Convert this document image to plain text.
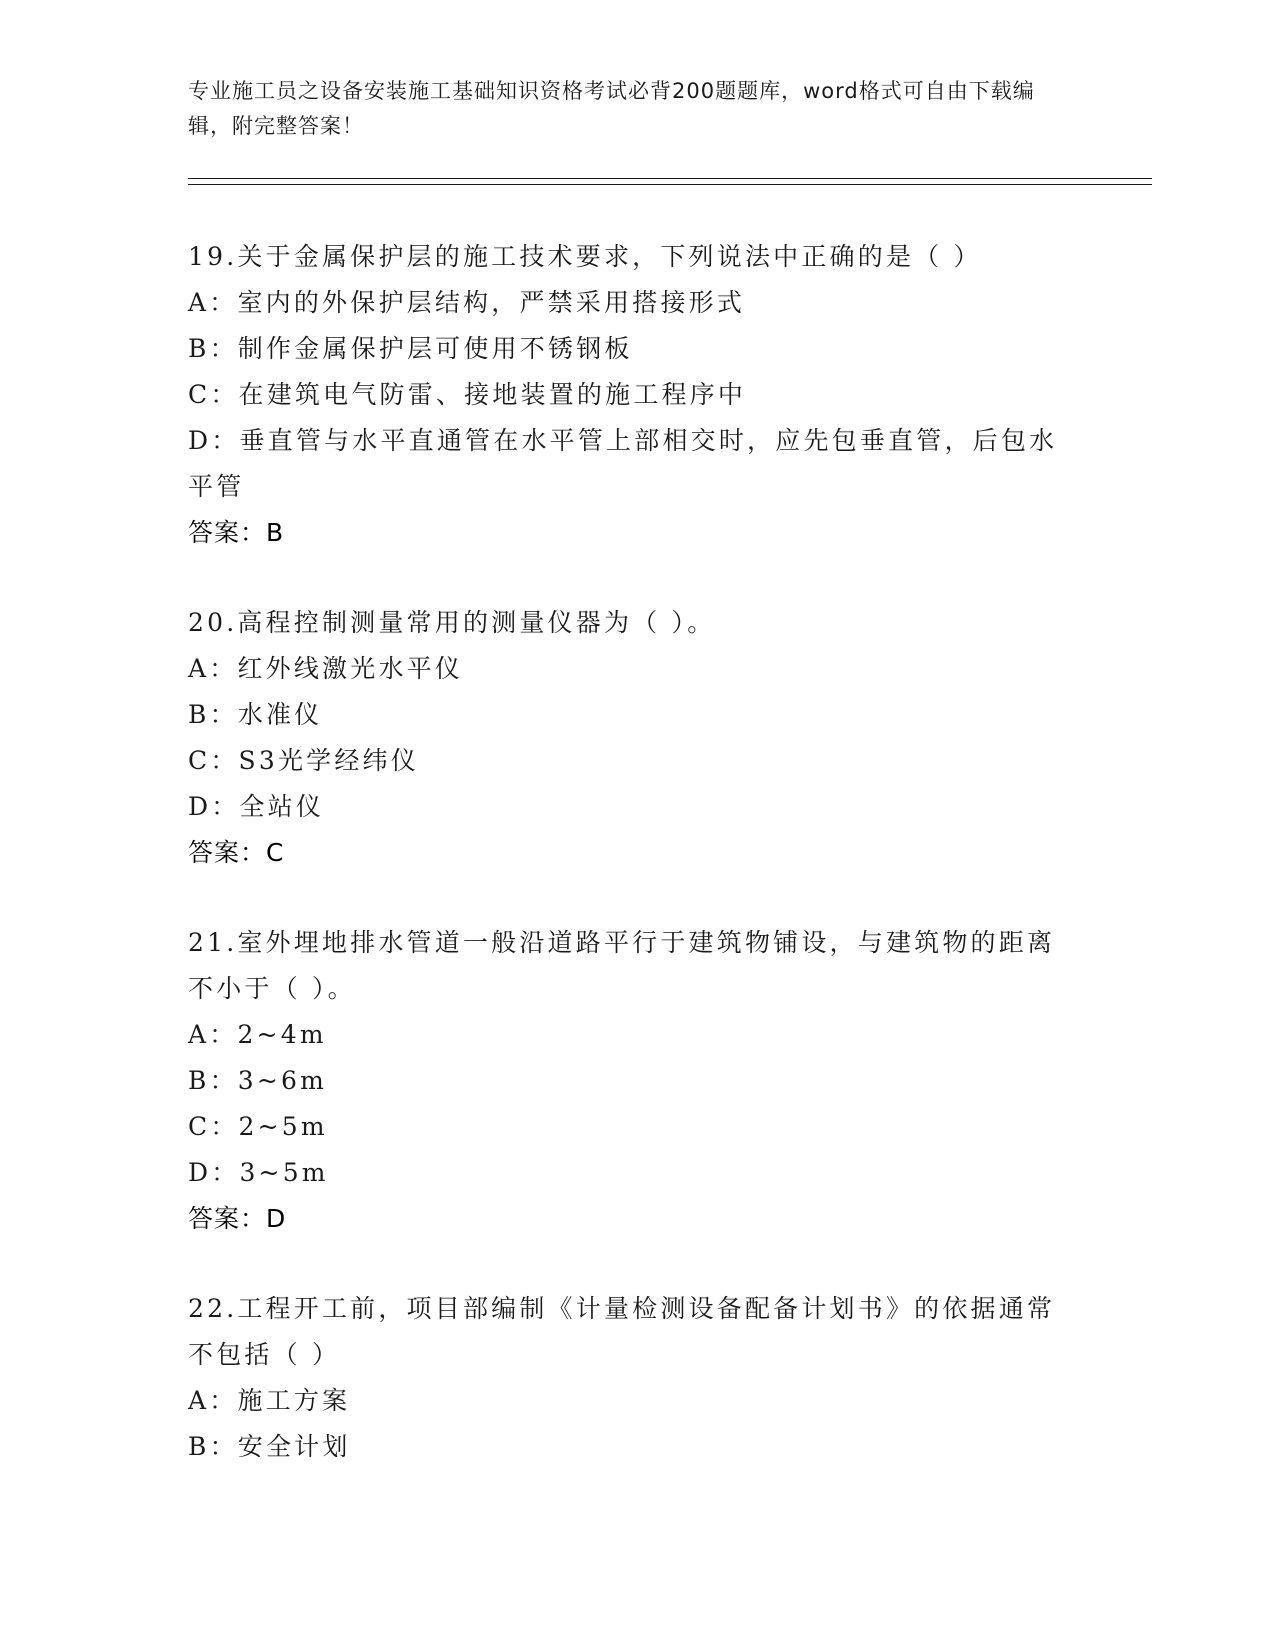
专业施工员之设备安装施工基础知识资格考试必背200题题库，word格式可自由下载编辑，附完整答案！
19.关于金属保护层的施工技术要求，下列说法中正确的是（ ）
A：室内的外保护层结构，严禁采用搭接形式
B：制作金属保护层可使用不锈钢板
C：在建筑电气防雷、接地装置的施工程序中
D：垂直管与水平直通管在水平管上部相交时，应先包垂直管，后包水平管
答案：B
20.高程控制测量常用的测量仪器为（ ）。
A：红外线激光水平仪
B：水准仪
C：S3光学经纬仪
D：全站仪
答案：C
21.室外埋地排水管道一般沿道路平行于建筑物铺设，与建筑物的距离不小于（ ）。
A：2~4m
B：3~6m
C：2~5m
D：3~5m
答案：D
22.工程开工前，项目部编制《计量检测设备配备计划书》的依据通常不包括（ ）
A：施工方案
B：安全计划
